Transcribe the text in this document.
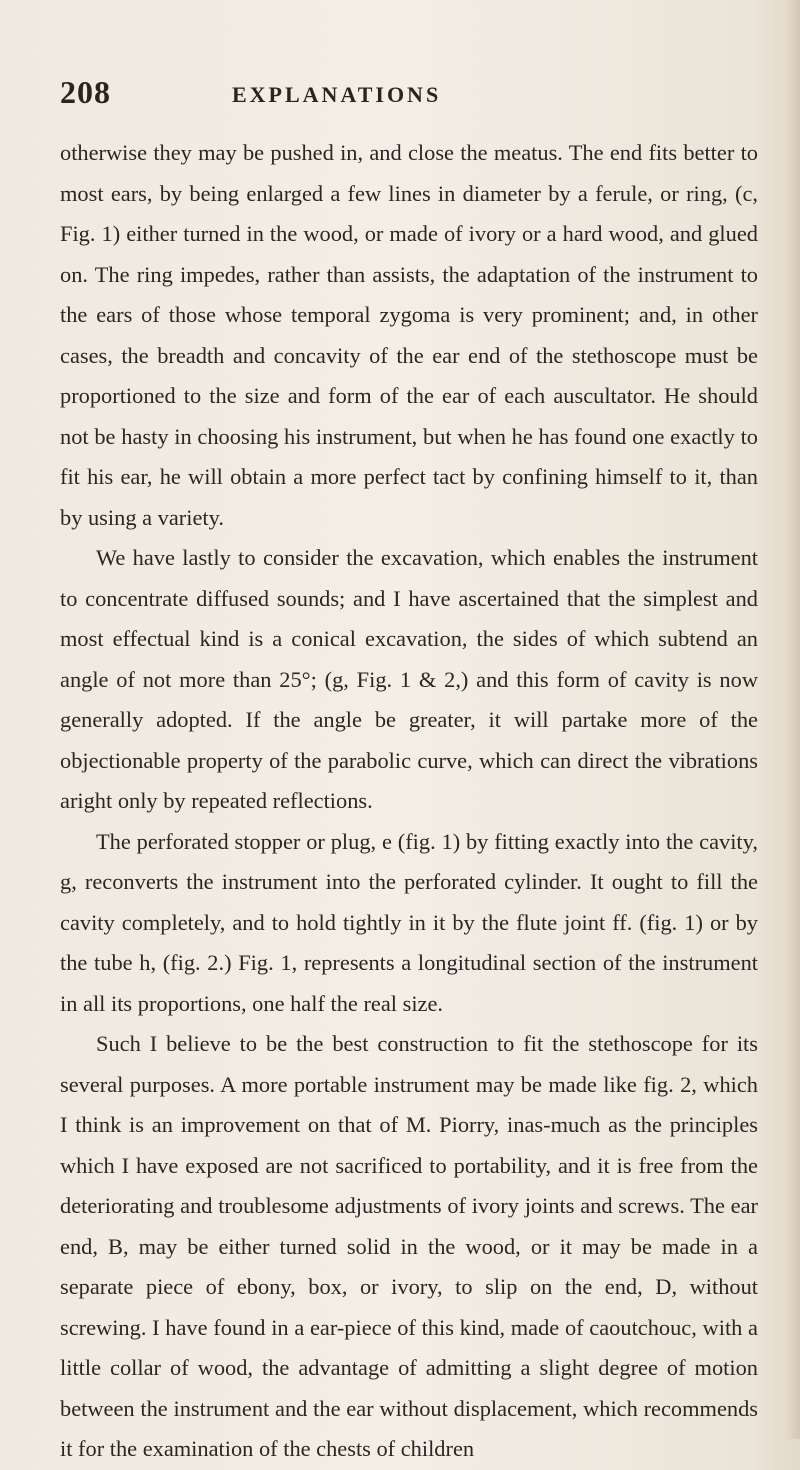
208	EXPLANATIONS

otherwise they may be pushed in, and close the meatus. The end fits better to most ears, by being enlarged a few lines in diameter by a ferule, or ring, (c, Fig. 1) either turned in the wood, or made of ivory or a hard wood, and glued on. The ring impedes, rather than assists, the adaptation of the instrument to the ears of those whose temporal zygoma is very prominent; and, in other cases, the breadth and concavity of the ear end of the stethoscope must be proportioned to the size and form of the ear of each auscultator. He should not be hasty in choosing his instrument, but when he has found one exactly to fit his ear, he will obtain a more perfect tact by confining himself to it, than by using a variety.

We have lastly to consider the excavation, which enables the instrument to concentrate diffused sounds; and I have ascertained that the simplest and most effectual kind is a conical excavation, the sides of which subtend an angle of not more than 25°; (g, Fig. 1 & 2,) and this form of cavity is now generally adopted. If the angle be greater, it will partake more of the objectionable property of the parabolic curve, which can direct the vibrations aright only by repeated reflections.

The perforated stopper or plug, e (fig. 1) by fitting exactly into the cavity, g, reconverts the instrument into the perforated cylinder. It ought to fill the cavity completely, and to hold tightly in it by the flute joint ff. (fig. 1) or by the tube h, (fig. 2.) Fig. 1, represents a longitudinal section of the instrument in all its proportions, one half the real size.

Such I believe to be the best construction to fit the stethoscope for its several purposes. A more portable instrument may be made like fig. 2, which I think is an improvement on that of M. Piorry, inas-much as the principles which I have exposed are not sacrificed to portability, and it is free from the deteriorating and troublesome adjustments of ivory joints and screws. The ear end, B, may be either turned solid in the wood, or it may be made in a separate piece of ebony, box, or ivory, to slip on the end, D, without screwing. I have found in a ear-piece of this kind, made of caoutchouc, with a little collar of wood, the advantage of admitting a slight degree of motion between the instrument and the ear without displacement, which recommends it for the examination of the chests of children
